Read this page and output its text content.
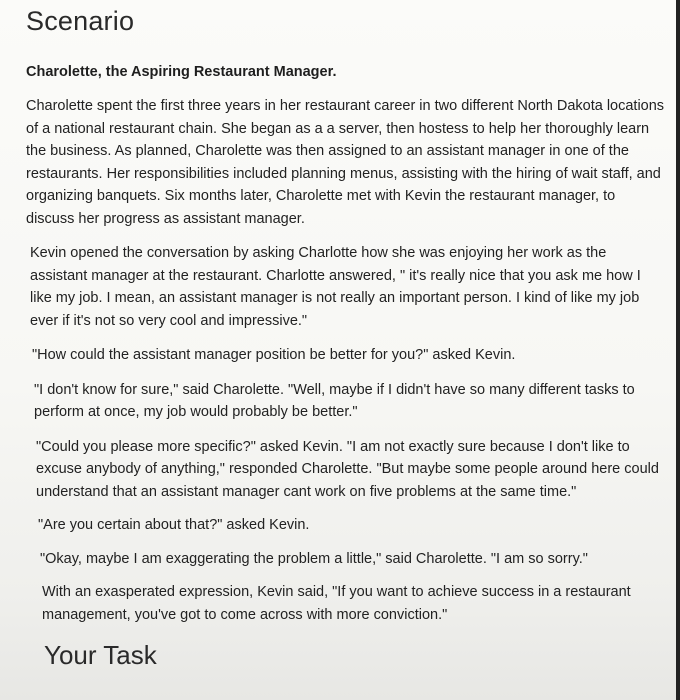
Scenario

Charolette, the Aspiring Restaurant Manager.

Charolette spent the first three years in her restaurant career in two different North Dakota locations of a national restaurant chain. She began as a a server, then hostess to help her thoroughly learn the business. As planned, Charolette was then assigned to an assistant manager in one of the restaurants. Her responsibilities included planning menus, assisting with the hiring of wait staff, and organizing banquets. Six months later, Charolette met with Kevin the restaurant manager, to discuss her progress as assistant manager.

Kevin opened the conversation by asking Charlotte how she was enjoying her work as the assistant manager at the restaurant. Charlotte answered, " it's really nice that you ask me how I like my job. I mean, an assistant manager is not really an important person. I kind of like my job ever if it's not so very cool and impressive."

"How could the assistant manager position be better for you?" asked Kevin.

"I don't know for sure," said Charolette. "Well, maybe if I didn't have so many different tasks to perform at once, my job would probably be better."

"Could you please more specific?" asked Kevin. "I am not exactly sure because I don't like to excuse anybody of anything," responded Charolette. "But maybe some people around here could understand that an assistant manager cant work on five problems at the same time."

"Are you certain about that?" asked Kevin.

"Okay, maybe I am exaggerating the problem a little," said Charolette. "I am so sorry."

With an exasperated expression, Kevin said, "If you want to achieve success in a restaurant management, you've got to come across with more conviction."

Your Task
